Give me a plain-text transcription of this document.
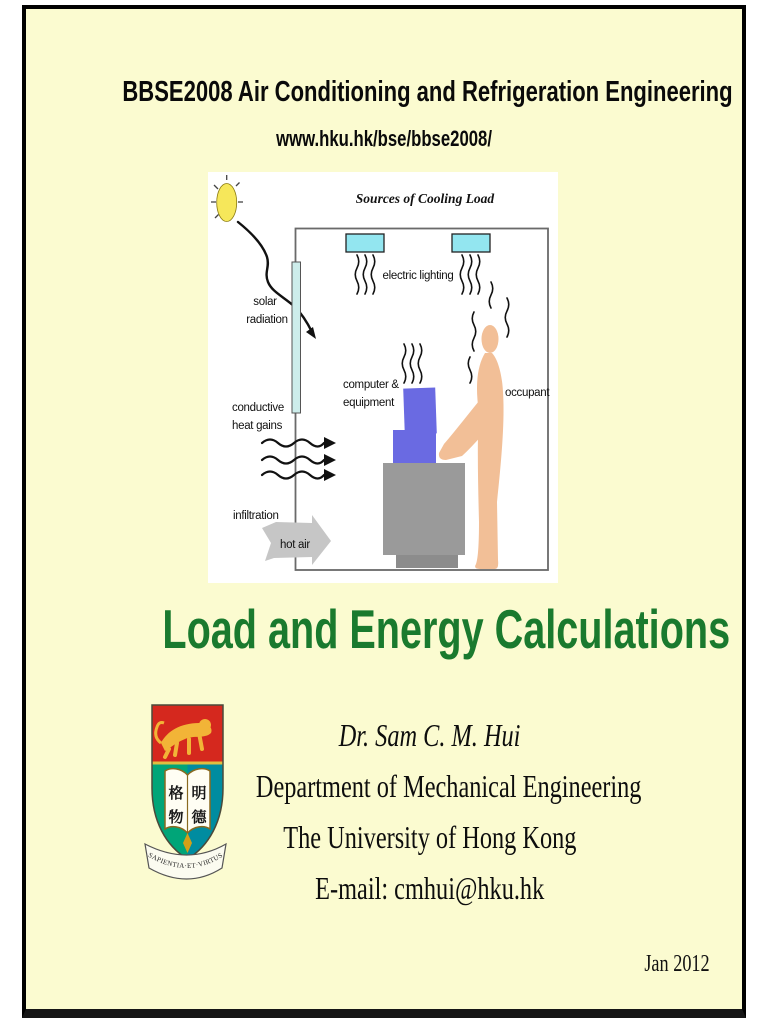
BBSE2008 Air Conditioning and Refrigeration Engineering
www.hku.hk/bse/bbse2008/
Sources of Cooling Load
electric lighting
solar
radiation
conductive
heat gains
infiltration
computer &
equipment
occupant
hot air
Load and Energy Calculations
格
物
明
德
SAPIENTIA·ET·VIRTUS
Dr. Sam C. M. Hui
Department of Mechanical Engineering
The University of Hong Kong
E-mail: cmhui@hku.hk
Jan 2012
